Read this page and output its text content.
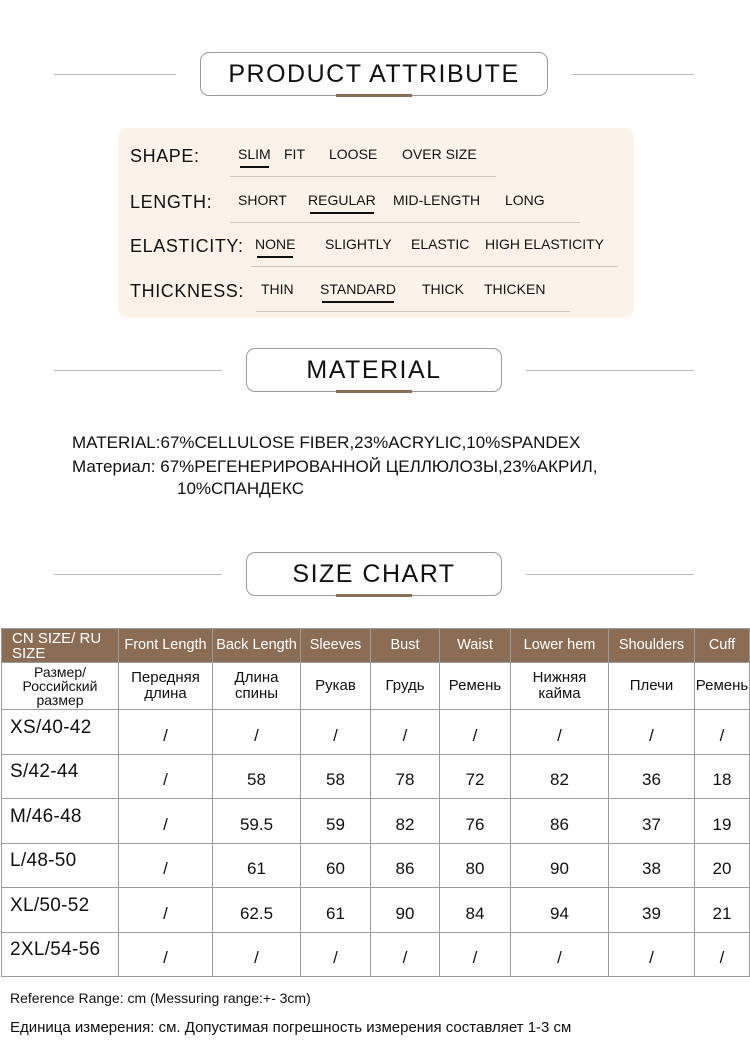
PRODUCT ATTRIBUTE
SHAPE:	SLIM FIT LOOSE OVER SIZE
LENGTH: SHORT REGULAR MID-LENGTH LONG
ELASTICITY: NONE SLIGHTLY ELASTIC HIGH ELASTICITY
THICKNESS: THIN STANDARD THICK THICKEN
MATERIAL
MATERIAL:67%CELLULOSE FIBER,23%ACRYLIC,10%SPANDEX
Материал: 67%РЕГЕНЕРИРОВАННОЙ ЦЕЛЛЮЛОЗЫ,23%АКРИЛ,
10%СПАНДЕКС
SIZE CHART
CN SIZE/ RU SIZE	Front Length	Back Length	Sleeves	Bust	Waist	Lower hem	Shoulders	Cuff
Размер/ Российский размер	Передняя длина	Длина спины	Рукав	Грудь	Ремень	Нижняя кайма	Плечи	Ремень
XS/40-42	/	/	/	/	/	/	/	/
S/42-44	/	58	58	78	72	82	36	18
M/46-48	/	59.5	59	82	76	86	37	19
L/48-50	/	61	60	86	80	90	38	20
XL/50-52	/	62.5	61	90	84	94	39	21
2XL/54-56	/	/	/	/	/	/	/	/
Reference Range: cm (Messuring range:+- 3cm)
Единица измерения: см. Допустимая погрешность измерения составляет 1-3 см
